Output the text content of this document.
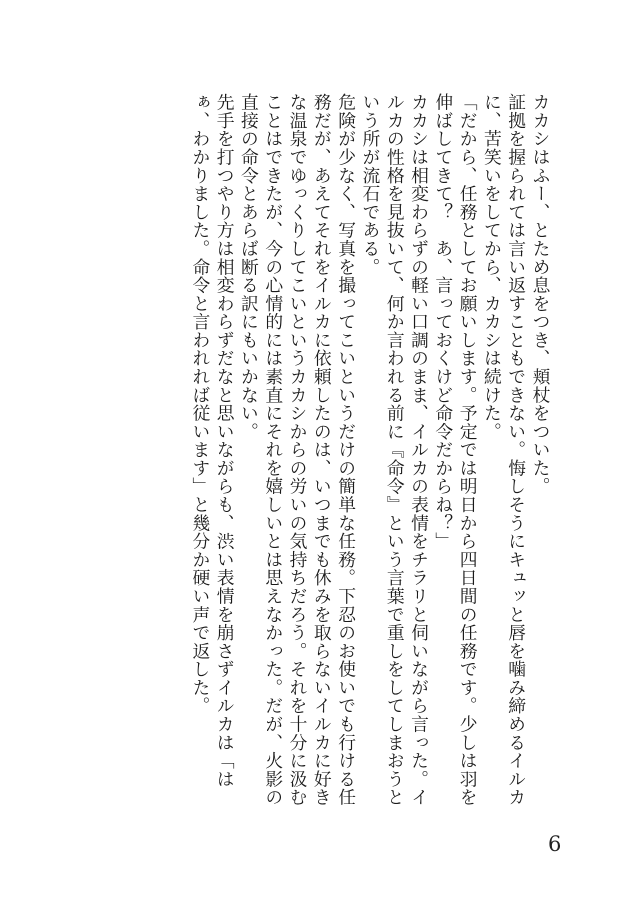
カカシはふー、とため息をつき、頬杖をついた。

証拠を握られては言い返すこともできない。悔しそうにキュッと唇を噛み締めるイルカに、苦笑いをしてから、カカシは続けた。

「だから、任務としてお願いします。予定では明日から四日間の任務です。少しは羽を伸ばしてきて？　あ、言っておくけど命令だからね？」

カカシは相変わらずの軽い口調のまま、イルカの表情をチラリと伺いながら言った。イルカの性格を見抜いて、何か言われる前に『命令』という言葉で重しをしてしまおうという所が流石である。

危険が少なく、写真を撮ってこいというだけの簡単な任務。下忍のお使いでも行ける任務だが、あえてそれをイルカに依頼したのは、いつまでも休みを取らないイルカに好きな温泉でゆっくりしてこいというカカシからの労いの気持ちだろう。それを十分に汲むことはできたが、今の心情的には素直にそれを嬉しいとは思えなかった。だが、火影の直接の命令とあらば断る訳にもいかない。

先手を打つやり方は相変わらずだなと思いながらも、渋い表情を崩さずイルカは「はぁ、わかりました。命令と言われれば従います」と幾分か硬い声で返した。

6
